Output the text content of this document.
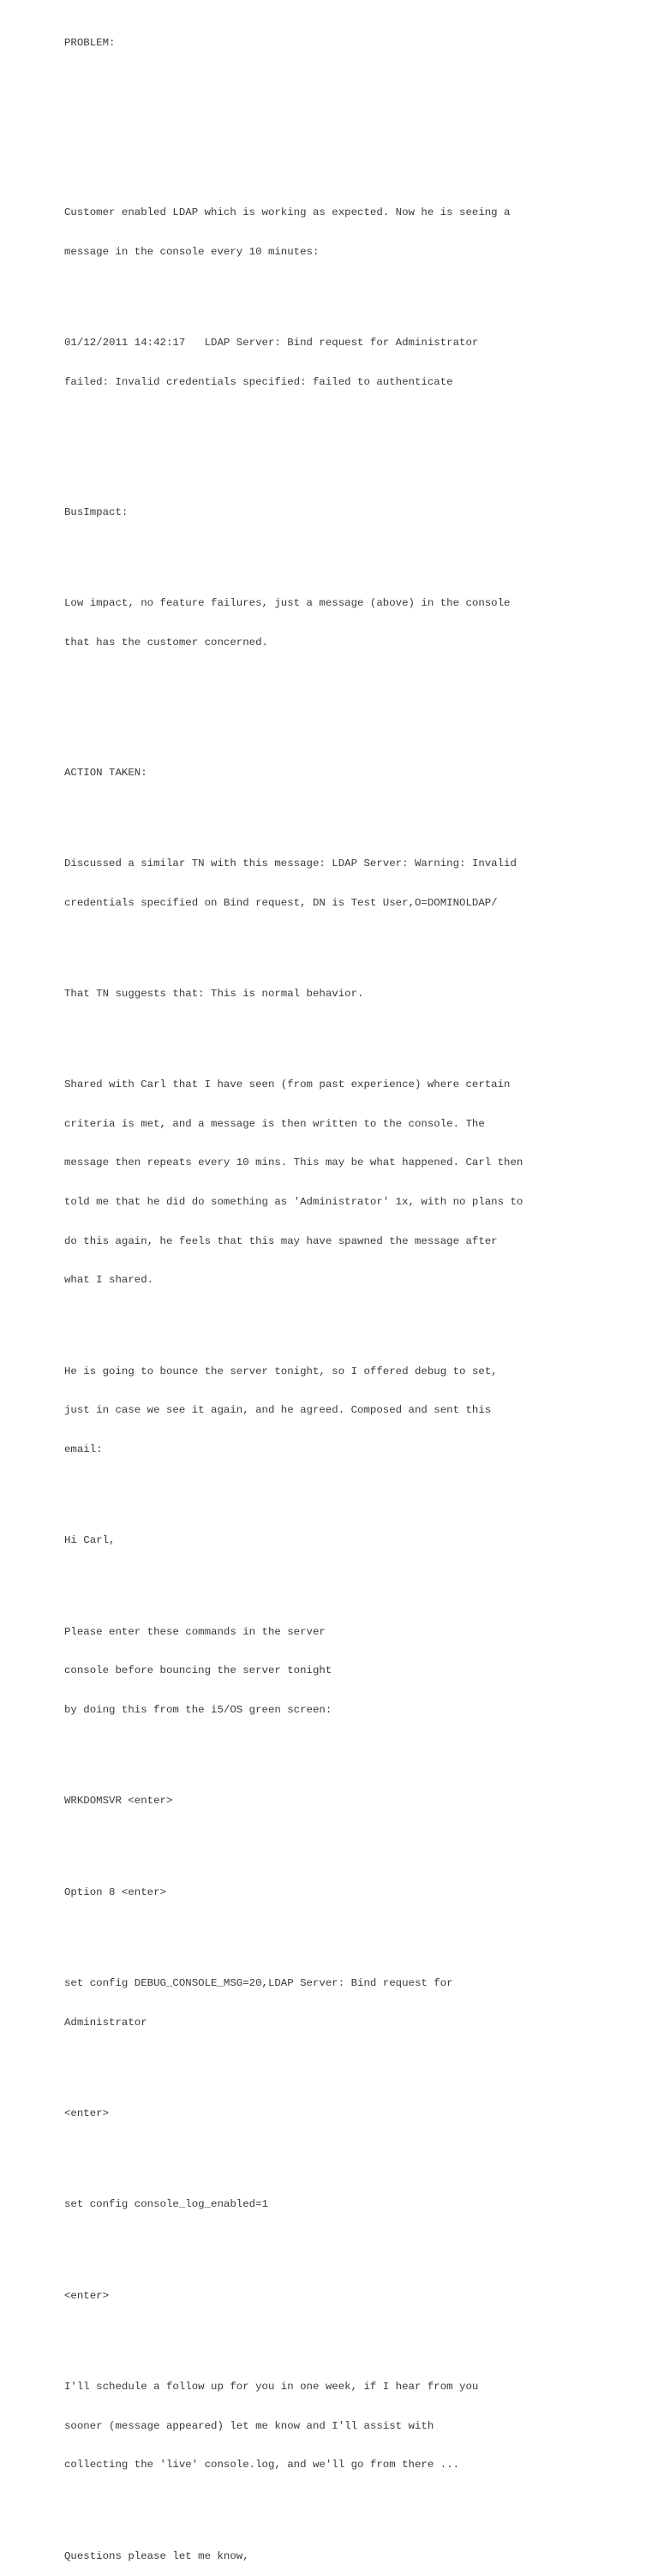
PROBLEM:

Customer enabled LDAP which is working as expected. Now he is seeing a

message in the console every 10 minutes:

01/12/2011 14:42:17   LDAP Server: Bind request for Administrator

failed: Invalid credentials specified: failed to authenticate

BusImpact:

Low impact, no feature failures, just a message (above) in the console

that has the customer concerned.

ACTION TAKEN:

Discussed a similar TN with this message: LDAP Server: Warning: Invalid

credentials specified on Bind request, DN is Test User,O=DOMINOLDAP/

That TN suggests that: This is normal behavior.

Shared with Carl that I have seen (from past experience) where certain

criteria is met, and a message is then written to the console. The

message then repeats every 10 mins. This may be what happened. Carl then

told me that he did do something as 'Administrator' 1x, with no plans to

do this again, he feels that this may have spawned the message after

what I shared.

He is going to bounce the server tonight, so I offered debug to set,

just in case we see it again, and he agreed. Composed and sent this

email:

Hi Carl,

Please enter these commands in the server

console before bouncing the server tonight

by doing this from the i5/OS green screen:

WRKDOMSVR <enter>

Option 8 <enter>

set config DEBUG_CONSOLE_MSG=20,LDAP Server: Bind request for

Administrator

<enter>

set config console_log_enabled=1

<enter>

I'll schedule a follow up for you in one week, if I hear from you

sooner (message appeared) let me know and I'll assist with

collecting the 'live' console.log, and we'll go from there ...

Questions please let me know,
